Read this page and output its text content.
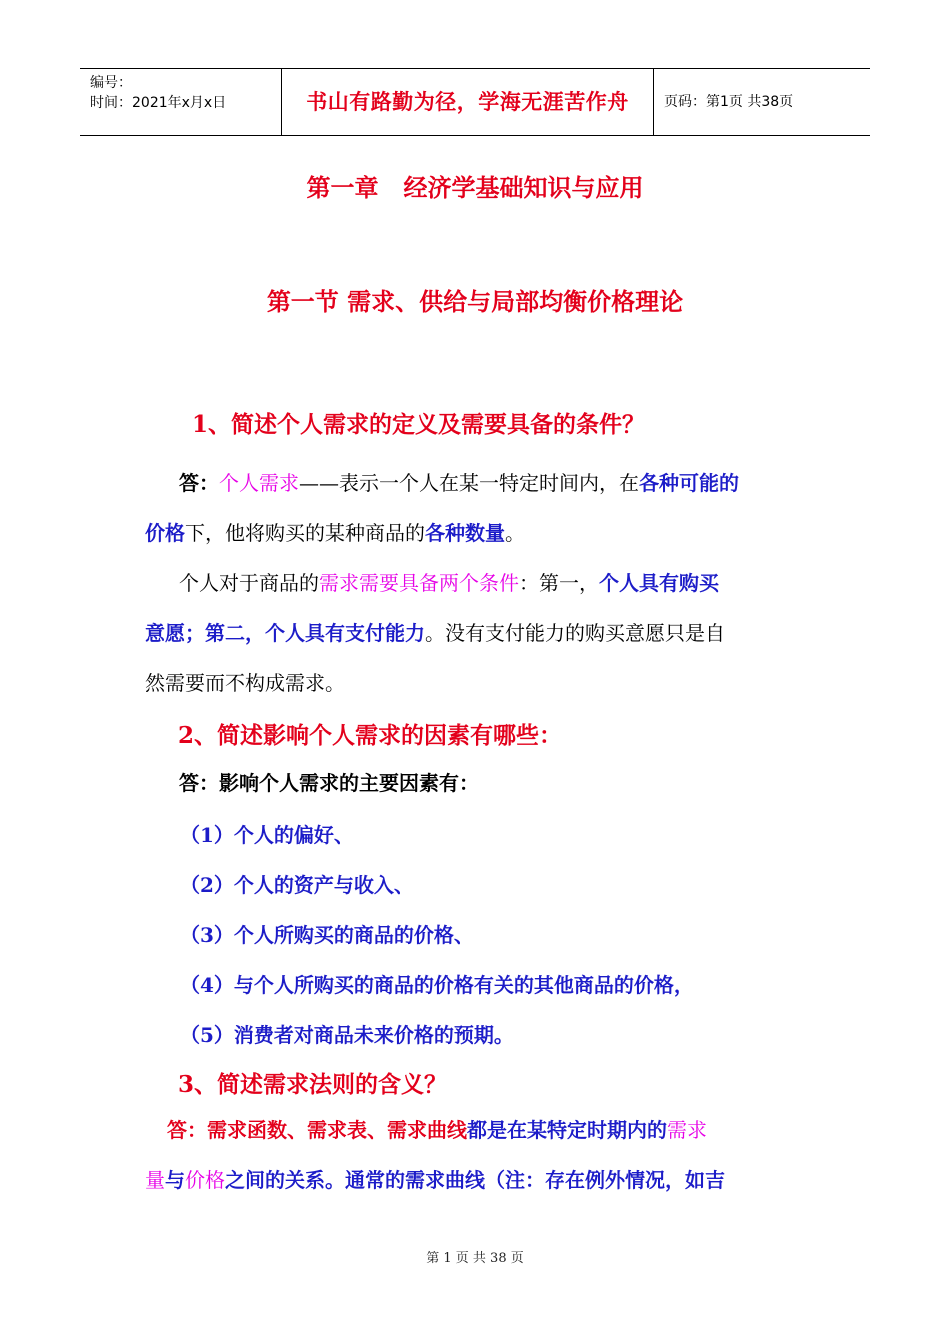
编号：
时间：2021年x月x日	书山有路勤为径，学海无涯苦作舟	页码：第1页 共38页
第一章   经济学基础知识与应用
第一节 需求、供给与局部均衡价格理论
1、简述个人需求的定义及需要具备的条件？
答：个人需求——表示一个人在某一特定时间内，在各种可能的
价格下，他将购买的某种商品的各种数量。
个人对于商品的需求需要具备两个条件：第一，个人具有购买
意愿；第二，个人具有支付能力。没有支付能力的购买意愿只是自
然需要而不构成需求。
2、简述影响个人需求的因素有哪些：
答：影响个人需求的主要因素有：
（1）个人的偏好、
（2）个人的资产与收入、
（3）个人所购买的商品的价格、
（4）与个人所购买的商品的价格有关的其他商品的价格，
（5）消费者对商品未来价格的预期。
3、简述需求法则的含义？
答：需求函数、需求表、需求曲线都是在某特定时期内的需求
量与价格之间的关系。通常的需求曲线（注：存在例外情况，如吉
第 1 页 共 38 页
